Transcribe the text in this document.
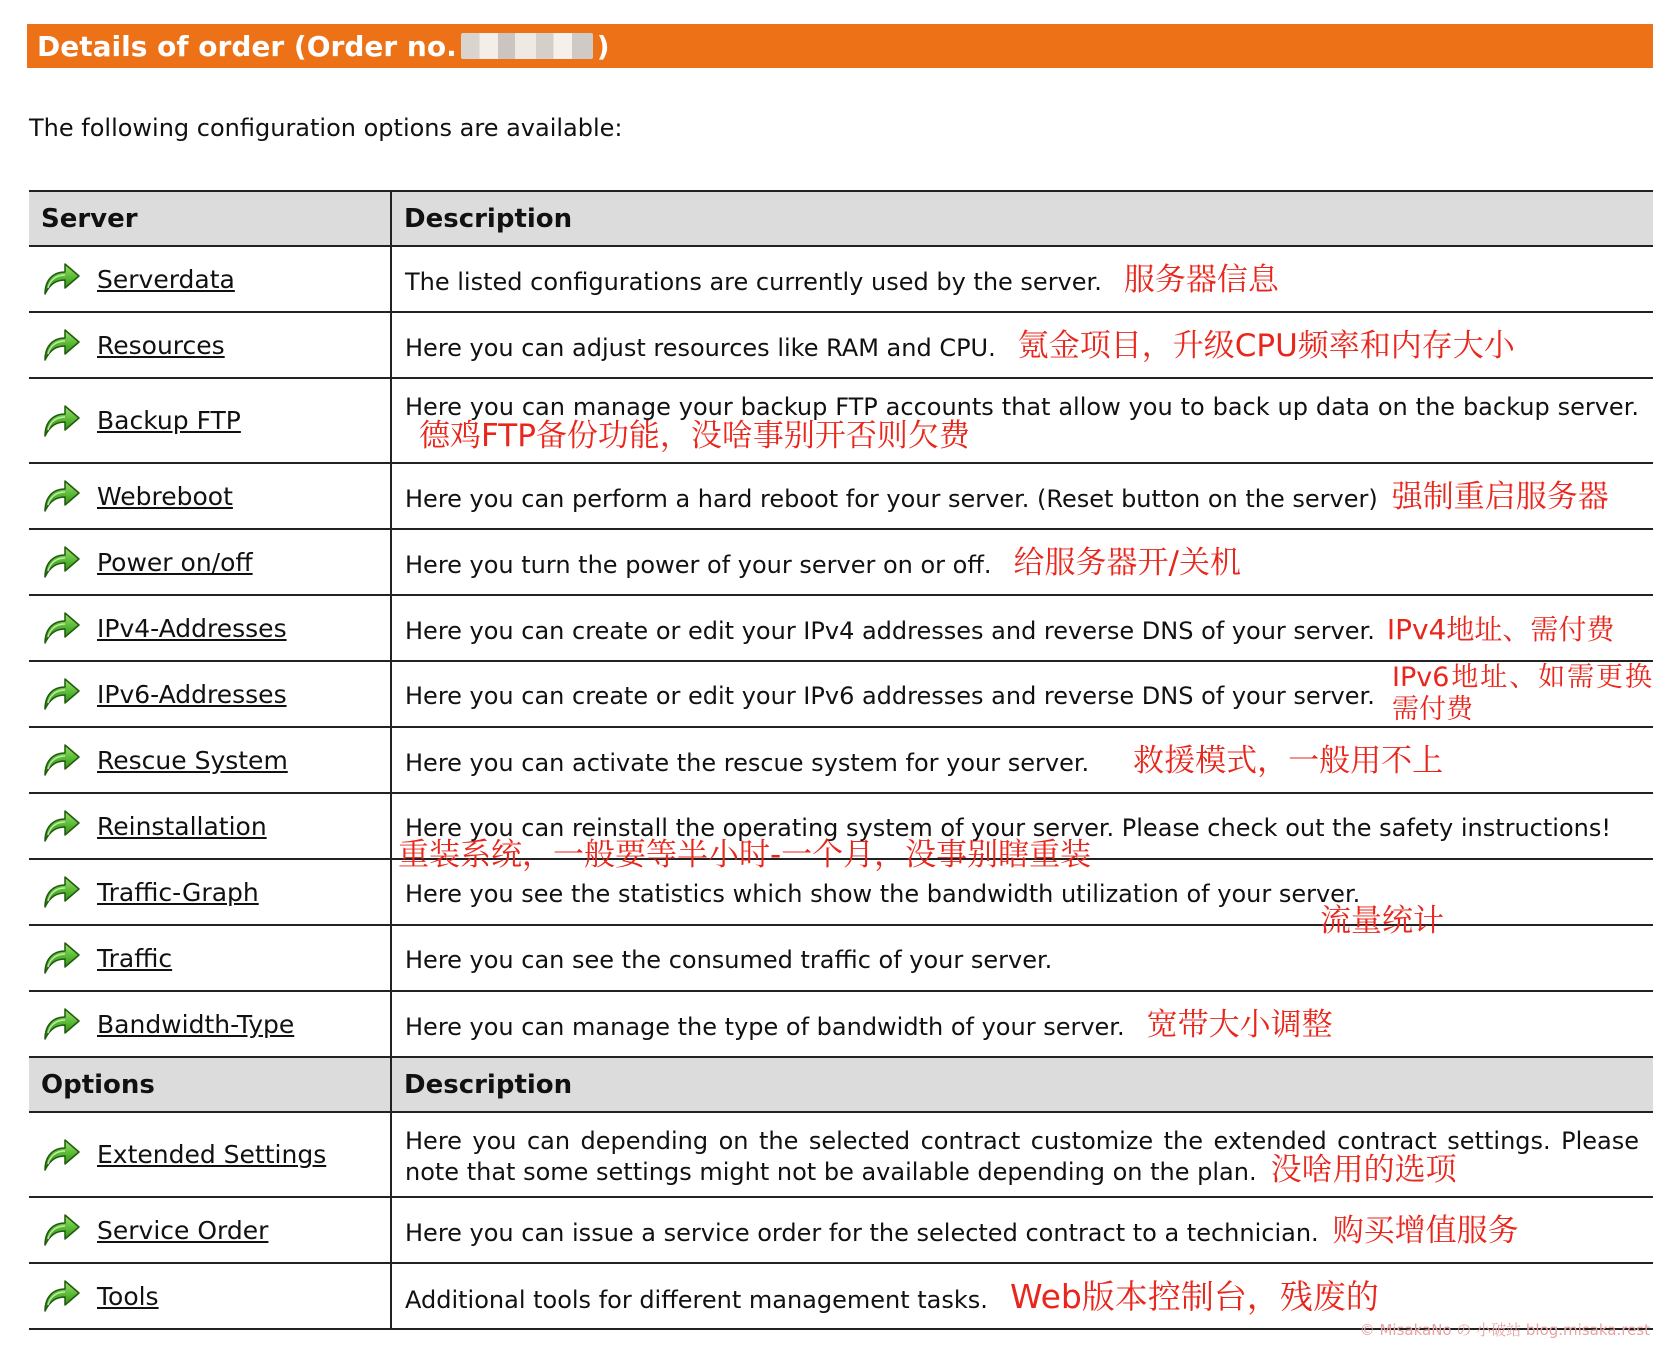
Details of order (Order no.	)
The following configuration options are available:
Server	Description

Serverdata	The listed configurations are currently used by the server. 服务器信息

Resources	Here you can adjust resources like RAM and CPU. 氪金项目，升级CPU频率和内存大小

Backup FTP	Here you can manage your backup FTP accounts that allow you to back up data on the backup server.德鸡FTP备份功能，没啥事别开否则欠费

Webreboot	Here you can perform a hard reboot for your server. (Reset button on the server) 强制重启服务器

Power on/off	Here you turn the power of your server on or off. 给服务器开/关机

IPv4-Addresses	Here you can create or edit your IPv4 addresses and reverse DNS of your server. IPv4地址、需付费

IPv6-Addresses	Here you can create or edit your IPv6 addresses and reverse DNS of your server.
IPv6地址、如需更换需付费

Rescue System	Here you can activate the rescue system for your server. 救援模式，一般用不上

Reinstallation	Here you can reinstall the operating system of your server. Please check out the safety instructions!
重装系统，一般要等半小时-一个月，没事别瞎重装

Traffic-Graph	Here you see the statistics which show the bandwidth utilization of your server.
流量统计

Traffic	Here you can see the consumed traffic of your server.

Bandwidth-Type	Here you can manage the type of bandwidth of your server. 宽带大小调整
Options	Description

Extended Settings	Here you can depending on the selected contract customize the extended contract settings. Please note that some settings might not be available depending on the plan. 没啥用的选项

Service Order	Here you can issue a service order for the selected contract to a technician. 购买增值服务

Tools	Additional tools for different management tasks. Web版本控制台，残废的
© MisakaNo の 小破站 blog.misaka.rest
